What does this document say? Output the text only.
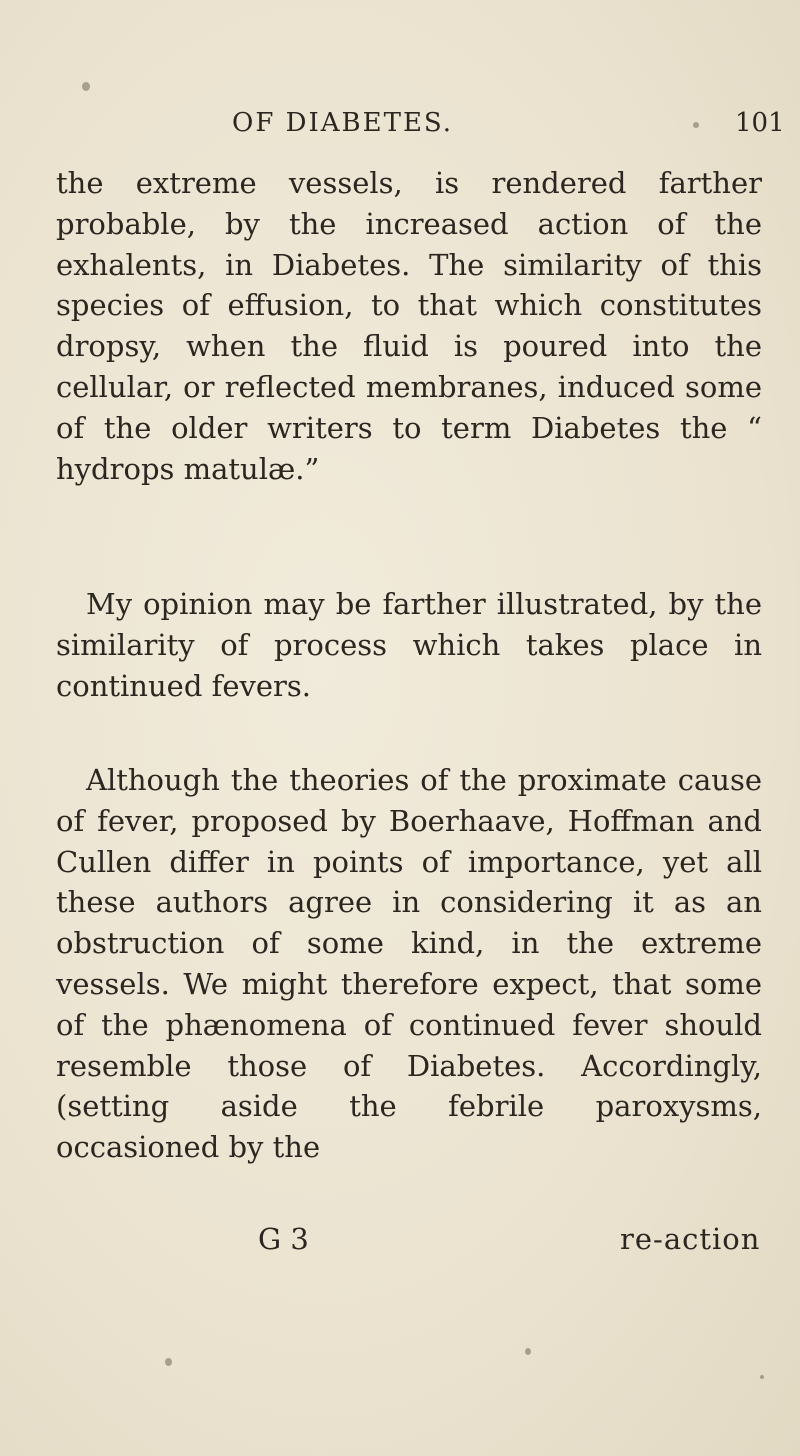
OF DIABETES.	101

the extreme vessels, is rendered farther probable, by the increased action of the exhalents, in Diabetes. The similarity of this species of effusion, to that which constitutes dropsy, when the fluid is poured into the cellular, or reflected membranes, induced some of the older writers to term Diabetes the “ hydrops matulæ.”

My opinion may be farther illustrated, by the similarity of process which takes place in continued fevers.

Although the theories of the proximate cause of fever, proposed by Boerhaave, Hoffman and Cullen differ in points of importance, yet all these authors agree in considering it as an obstruction of some kind, in the extreme vessels. We might therefore expect, that some of the phænomena of continued fever should resemble those of Diabetes. Accordingly, (setting aside the febrile paroxysms, occasioned by the

G 3	re-action
